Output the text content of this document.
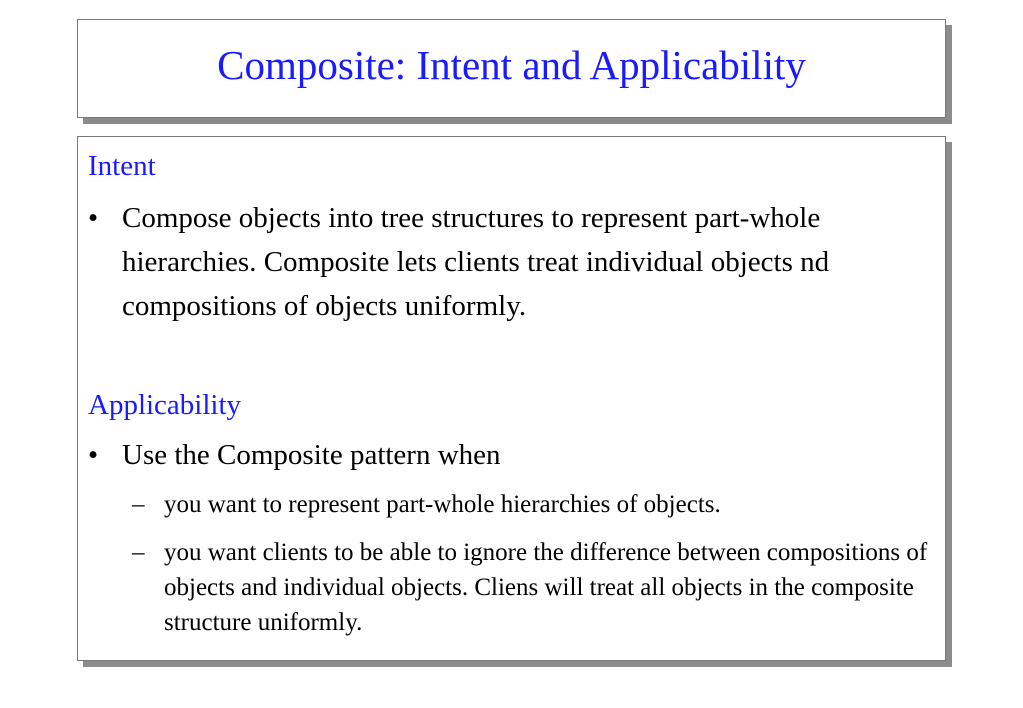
Composite: Intent and Applicability
Intent
• Compose objects into tree structures to represent part-whole hierarchies. Composite lets clients treat individual objects nd compositions of objects uniformly.
Applicability
• Use the Composite pattern when
– you want to represent part-whole hierarchies of objects.
– you want clients to be able to ignore the difference between compositions of objects and individual objects. Cliens will treat all objects in the composite structure uniformly.
